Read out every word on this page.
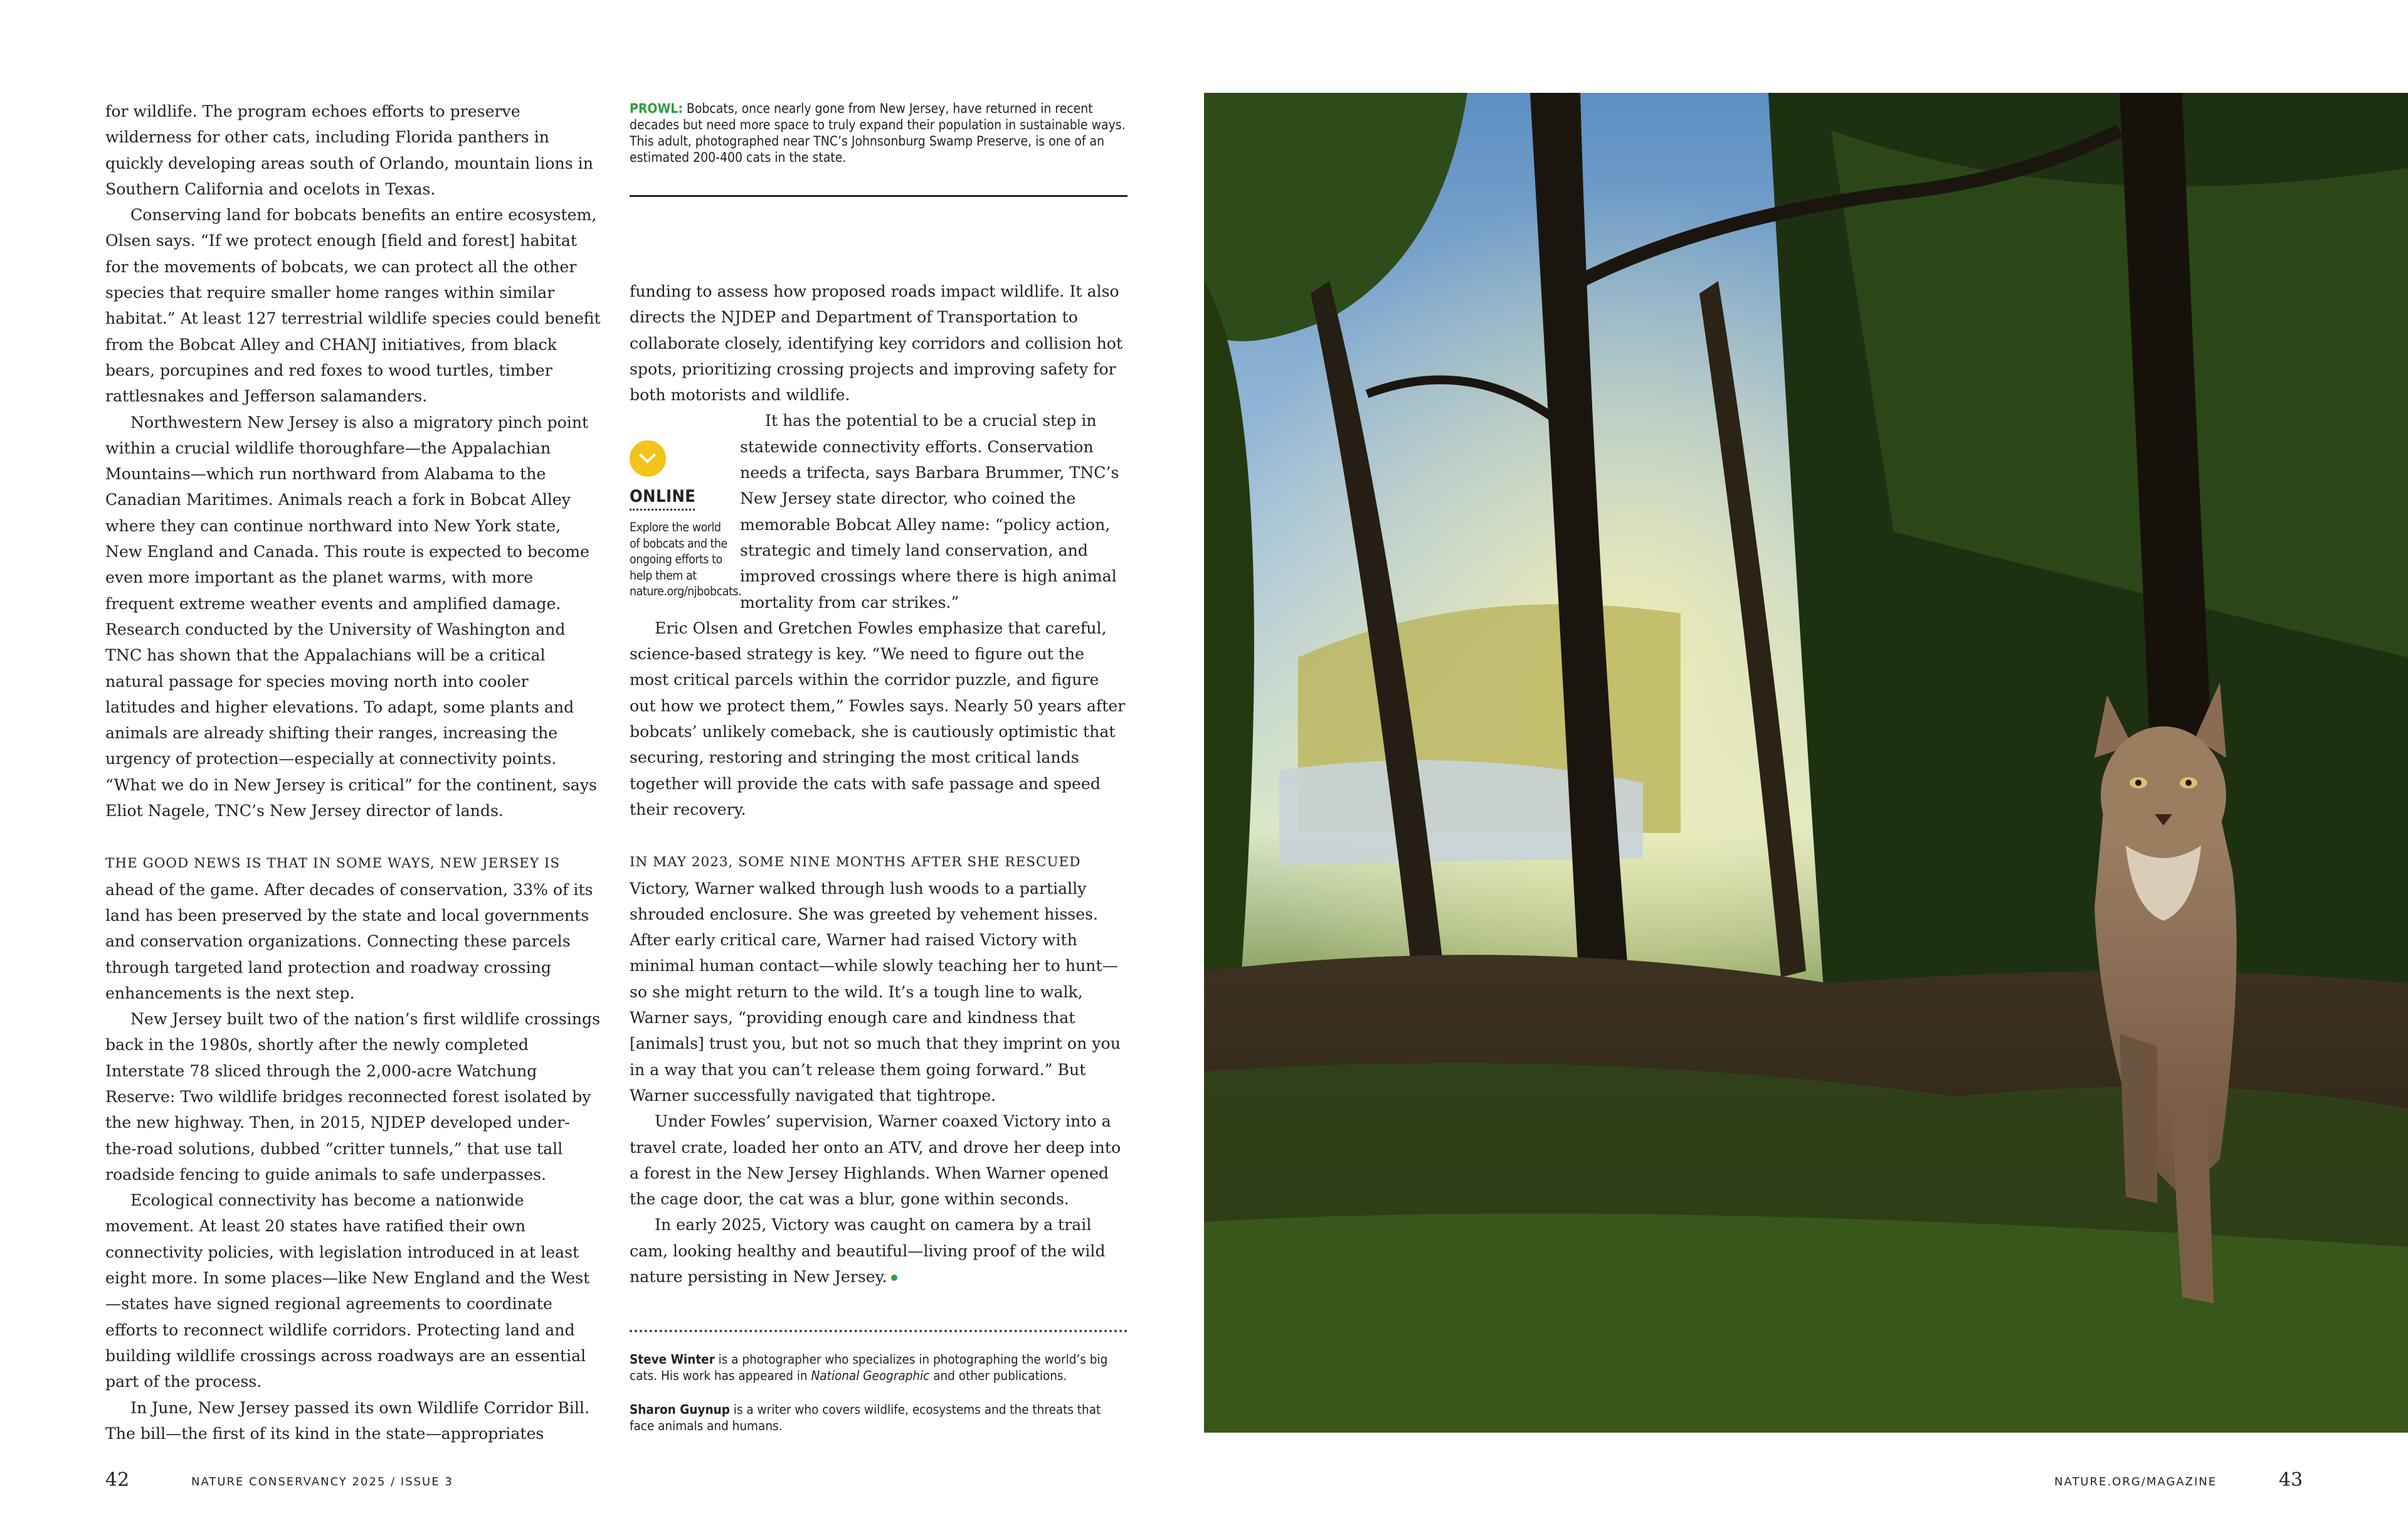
for wildlife. The program echoes efforts to preserve wilderness for other cats, including Florida panthers in quickly developing areas south of Orlando, mountain lions in Southern California and ocelots in Texas.

Conserving land for bobcats benefits an entire ecosystem, Olsen says. “If we protect enough [field and forest] habitat for the movements of bobcats, we can protect all the other species that require smaller home ranges within similar habitat.” At least 127 terrestrial wildlife species could benefit from the Bobcat Alley and CHANJ initiatives, from black bears, porcupines and red foxes to wood turtles, timber rattlesnakes and Jefferson salamanders.

Northwestern New Jersey is also a migratory pinch point within a crucial wildlife thoroughfare—the Appalachian Mountains—which run northward from Alabama to the Canadian Maritimes. Animals reach a fork in Bobcat Alley where they can continue northward into New York state, New England and Canada. This route is expected to become even more important as the planet warms, with more frequent extreme weather events and amplified damage. Research conducted by the University of Washington and TNC has shown that the Appalachians will be a critical natural passage for species moving north into cooler latitudes and higher elevations. To adapt, some plants and animals are already shifting their ranges, increasing the urgency of protection—especially at connectivity points. “What we do in New Jersey is critical” for the continent, says Eliot Nagele, TNC’s New Jersey director of lands.

THE GOOD NEWS IS THAT IN SOME WAYS, NEW JERSEY IS ahead of the game. After decades of conservation, 33% of its land has been preserved by the state and local governments and conservation organizations. Connecting these parcels through targeted land protection and roadway crossing enhancements is the next step.

New Jersey built two of the nation’s first wildlife crossings back in the 1980s, shortly after the newly completed Interstate 78 sliced through the 2,000-acre Watchung Reserve: Two wildlife bridges reconnected forest isolated by the new highway. Then, in 2015, NJDEP developed under-the-road solutions, dubbed “critter tunnels,” that use tall roadside fencing to guide animals to safe underpasses.

Ecological connectivity has become a nationwide movement. At least 20 states have ratified their own connectivity policies, with legislation introduced in at least eight more. In some places—like New England and the West—states have signed regional agreements to coordinate efforts to reconnect wildlife corridors. Protecting land and building wildlife crossings across roadways are an essential part of the process.

In June, New Jersey passed its own Wildlife Corridor Bill. The bill—the first of its kind in the state—appropriates

PROWL: Bobcats, once nearly gone from New Jersey, have returned in recent decades but need more space to truly expand their population in sustainable ways. This adult, photographed near TNC’s Johnsonburg Swamp Preserve, is one of an estimated 200-400 cats in the state.
ONLINE
Explore the world of bobcats and the ongoing efforts to help them at nature.org/njbobcats.

funding to assess how proposed roads impact wildlife. It also directs the NJDEP and Department of Transportation to collaborate closely, identifying key corridors and collision hot spots, prioritizing crossing projects and improving safety for both motorists and wildlife.

It has the potential to be a crucial step in statewide connectivity efforts. Conservation needs a trifecta, says Barbara Brummer, TNC’s New Jersey state director, who coined the memorable Bobcat Alley name: “policy action, strategic and timely land conservation, and improved crossings where there is high animal mortality from car strikes.”

Eric Olsen and Gretchen Fowles emphasize that careful, science-based strategy is key. “We need to figure out the most critical parcels within the corridor puzzle, and figure out how we protect them,” Fowles says. Nearly 50 years after bobcats’ unlikely comeback, she is cautiously optimistic that securing, restoring and stringing the most critical lands together will provide the cats with safe passage and speed their recovery.

IN MAY 2023, SOME NINE MONTHS AFTER SHE RESCUED Victory, Warner walked through lush woods to a partially shrouded enclosure. She was greeted by vehement hisses. After early critical care, Warner had raised Victory with minimal human contact—while slowly teaching her to hunt—so she might return to the wild. It’s a tough line to walk, Warner says, “providing enough care and kindness that [animals] trust you, but not so much that they imprint on you in a way that you can’t release them going forward.” But Warner successfully navigated that tightrope.

Under Fowles’ supervision, Warner coaxed Victory into a travel crate, loaded her onto an ATV, and drove her deep into a forest in the New Jersey Highlands. When Warner opened the cage door, the cat was a blur, gone within seconds.

In early 2025, Victory was caught on camera by a trail cam, looking healthy and beautiful—living proof of the wild nature persisting in New Jersey.

Steve Winter is a photographer who specializes in photographing the world’s big cats. His work has appeared in National Geographic and other publications.
Sharon Guynup is a writer who covers wildlife, ecosystems and the threats that face animals and humans.
42	NATURE CONSERVANCY 2025 / ISSUE 3	NATURE.ORG/MAGAZINE	43
